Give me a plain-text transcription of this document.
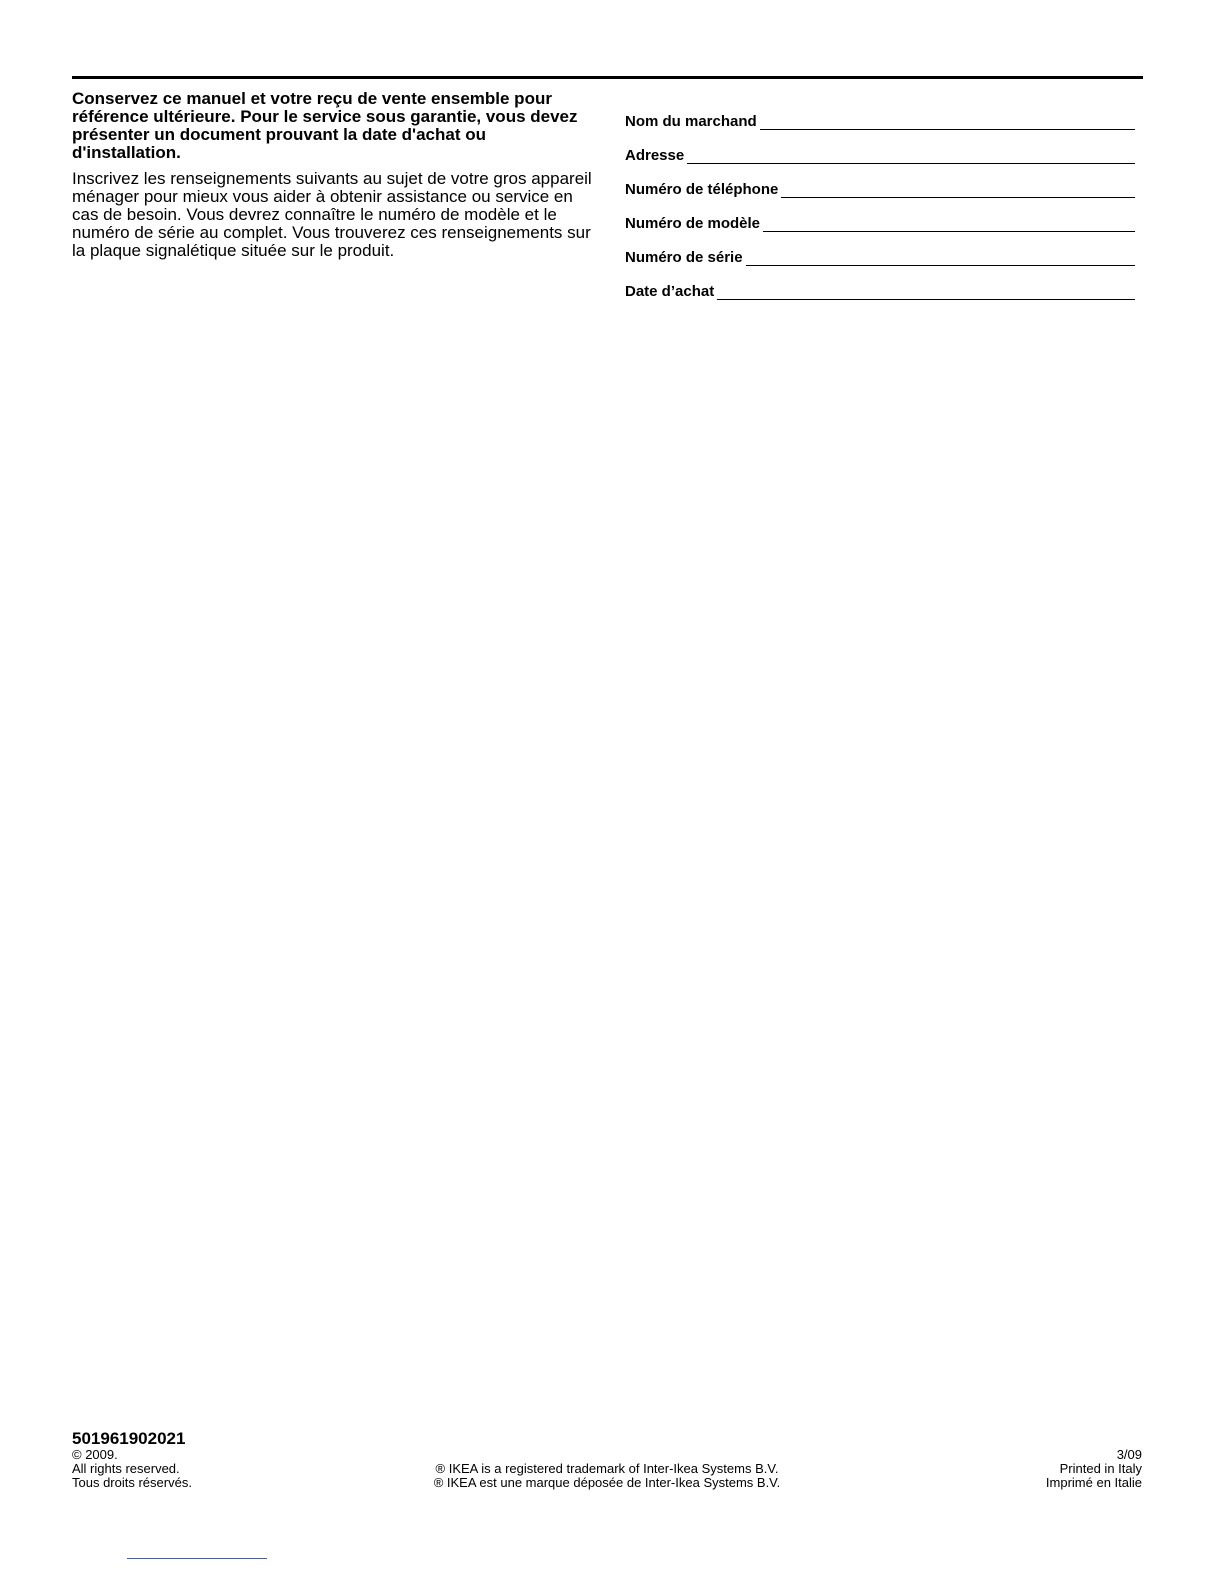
Conservez ce manuel et votre reçu de vente ensemble pour référence ultérieure. Pour le service sous garantie, vous devez présenter un document prouvant la date d'achat ou d'installation.

Inscrivez les renseignements suivants au sujet de votre gros appareil ménager pour mieux vous aider à obtenir assistance ou service en cas de besoin. Vous devrez connaître le numéro de modèle et le numéro de série au complet. Vous trouverez ces renseignements sur la plaque signalétique située sur le produit.

Nom du marchand
Adresse
Numéro de téléphone
Numéro de modèle
Numéro de série
Date d’achat
501961902021
© 2009.
All rights reserved.
Tous droits réservés.
® IKEA is a registered trademark of Inter-Ikea Systems B.V.
® IKEA est une marque déposée de Inter-Ikea Systems B.V.
3/09
Printed in Italy
Imprimé en Italie
